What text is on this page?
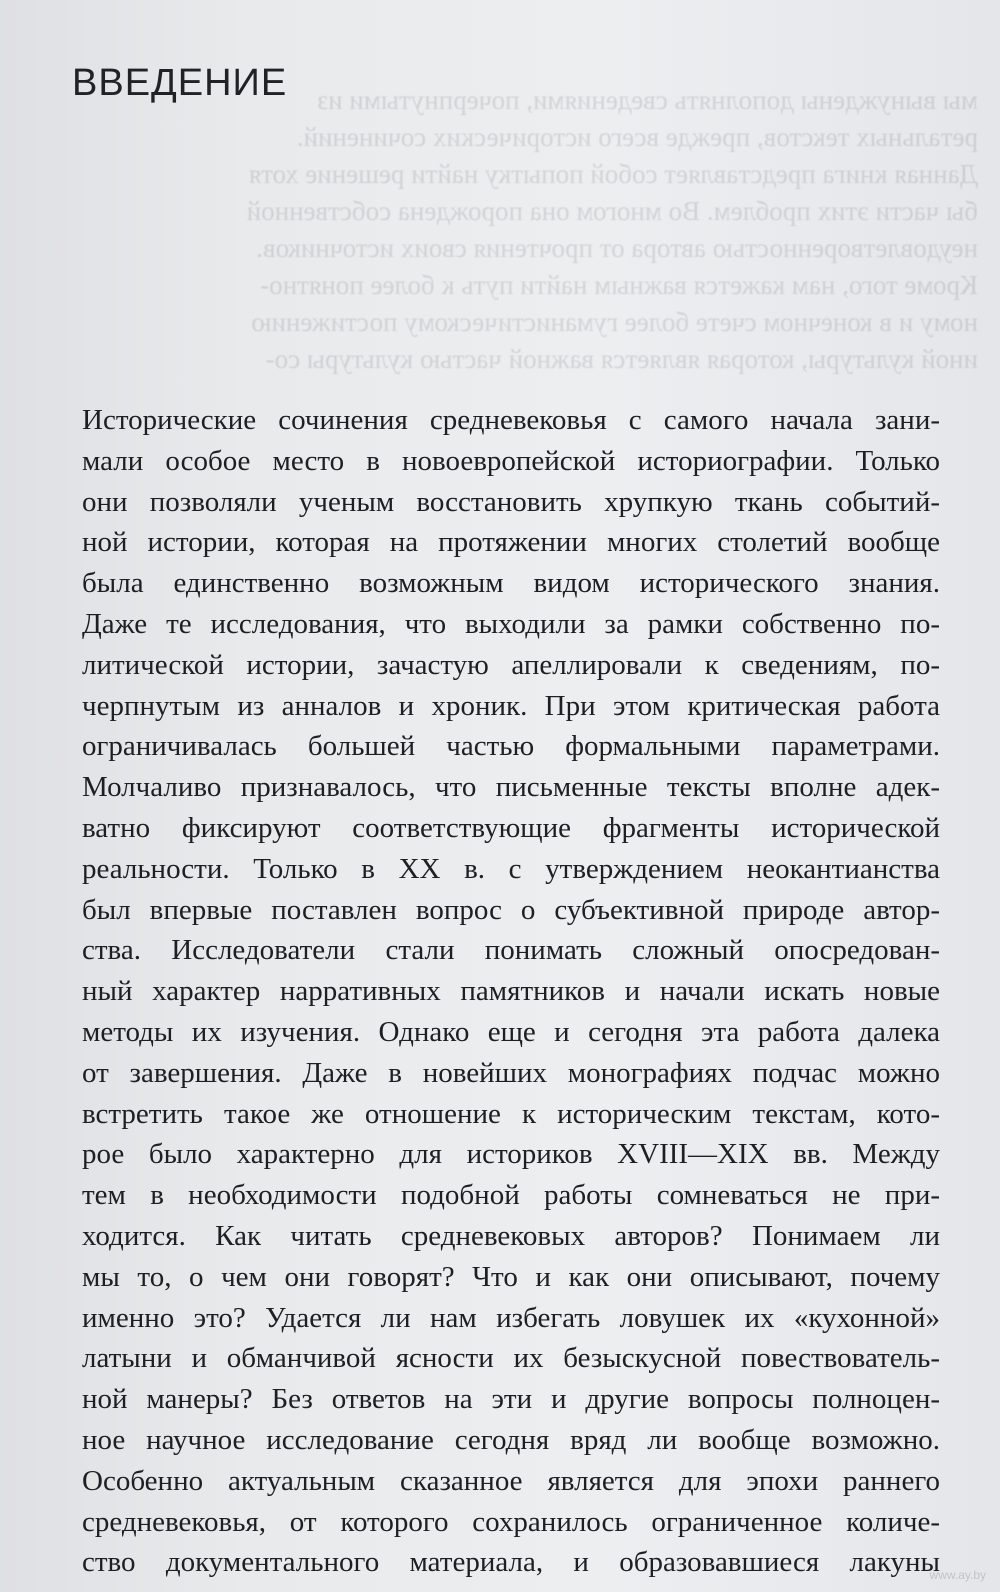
мы вынуждены дополнять сведениями, почерпнутыми из
ретальных текстов, прежде всего исторических сочинений.
Данная книга представляет собой попытку найти решение хотя
бы части этих проблем. Во многом она порождена собственной
неудовлетворенностью автора от прочтения своих источников.
Кроме того, нам кажется важным найти путь к более понятно-
ному и в конечном счете более гуманистическому постижению
иной культуры, которая является важной частью культуры со-
ВВЕДЕНИЕ
Исторические сочинения средневековья с самого начала зани-
мали особое место в новоевропейской историографии. Только
они позволяли ученым восстановить хрупкую ткань событий-
ной истории, которая на протяжении многих столетий вообще
была единственно возможным видом исторического знания.
Даже те исследования, что выходили за рамки собственно по-
литической истории, зачастую апеллировали к сведениям, по-
черпнутым из анналов и хроник. При этом критическая работа
ограничивалась большей частью формальными параметрами.
Молчаливо признавалось, что письменные тексты вполне адек-
ватно фиксируют соответствующие фрагменты исторической
реальности. Только в XX в. с утверждением неокантианства
был впервые поставлен вопрос о субъективной природе автор-
ства. Исследователи стали понимать сложный опосредован-
ный характер нарративных памятников и начали искать новые
методы их изучения. Однако еще и сегодня эта работа далека
от завершения. Даже в новейших монографиях подчас можно
встретить такое же отношение к историческим текстам, кото-
рое было характерно для историков XVIII—XIX вв. Между
тем в необходимости подобной работы сомневаться не при-
ходится. Как читать средневековых авторов? Понимаем ли
мы то, о чем они говорят? Что и как они описывают, почему
именно это? Удается ли нам избегать ловушек их «кухонной»
латыни и обманчивой ясности их безыскусной повествователь-
ной манеры? Без ответов на эти и другие вопросы полноцен-
ное научное исследование сегодня вряд ли вообще возможно.
Особенно актуальным сказанное является для эпохи раннего
средневековья, от которого сохранилось ограниченное количе-
ство документального материала, и образовавшиеся лакуны
www.ay.by
